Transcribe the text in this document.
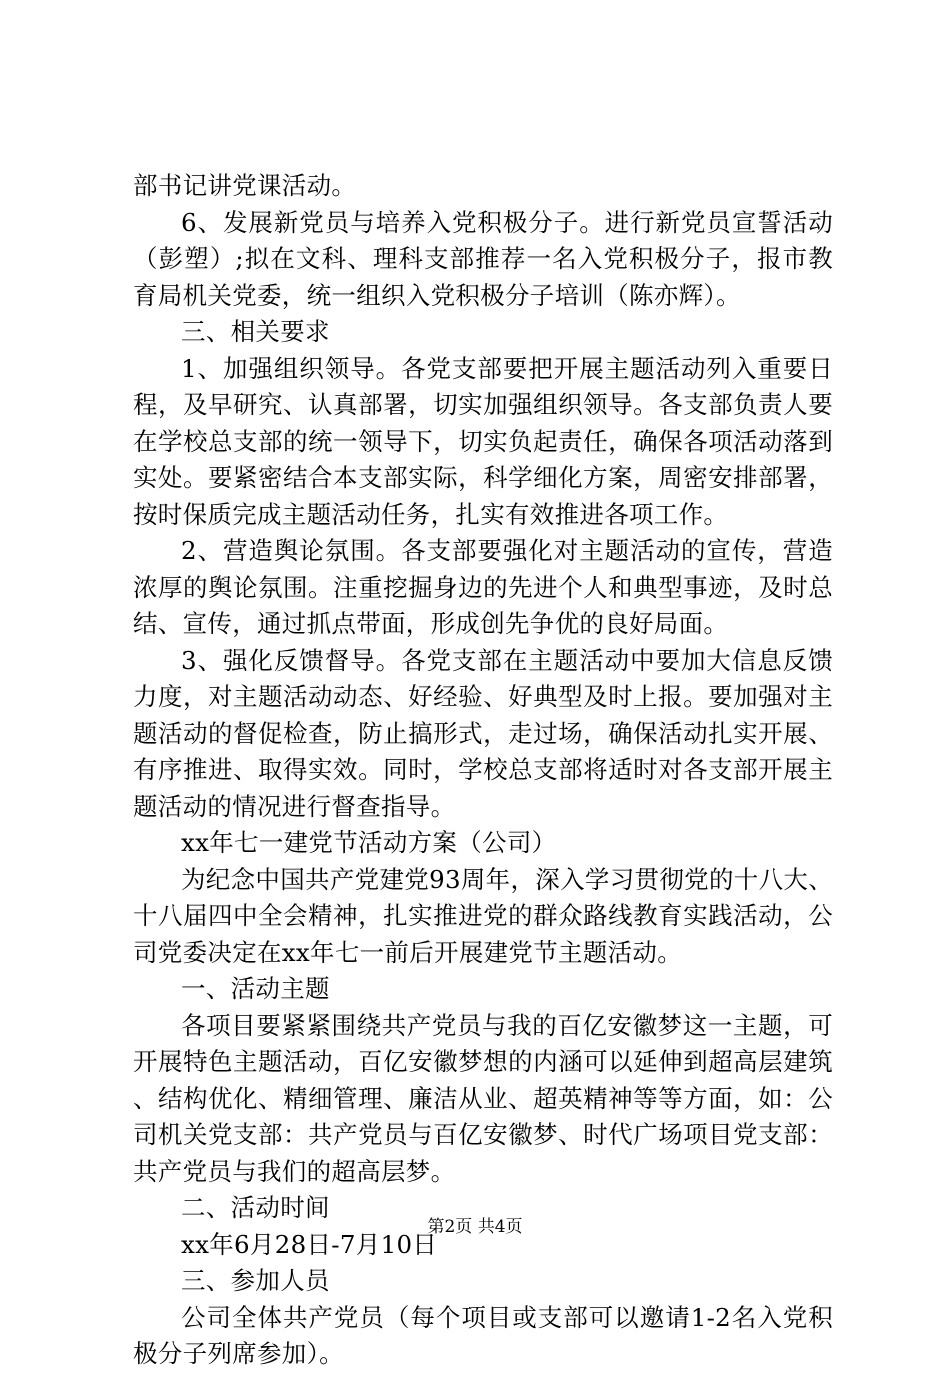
部书记讲党课活动。

6、发展新党员与培养入党积极分子。进行新党员宣誓活动（彭塑）;拟在文科、理科支部推荐一名入党积极分子，报市教育局机关党委，统一组织入党积极分子培训（陈亦辉）。

三、相关要求

1、加强组织领导。各党支部要把开展主题活动列入重要日程，及早研究、认真部署，切实加强组织领导。各支部负责人要在学校总支部的统一领导下，切实负起责任，确保各项活动落到实处。要紧密结合本支部实际，科学细化方案，周密安排部署，按时保质完成主题活动任务，扎实有效推进各项工作。

2、营造舆论氛围。各支部要强化对主题活动的宣传，营造浓厚的舆论氛围。注重挖掘身边的先进个人和典型事迹，及时总结、宣传，通过抓点带面，形成创先争优的良好局面。

3、强化反馈督导。各党支部在主题活动中要加大信息反馈力度，对主题活动动态、好经验、好典型及时上报。要加强对主题活动的督促检查，防止搞形式，走过场，确保活动扎实开展、有序推进、取得实效。同时，学校总支部将适时对各支部开展主题活动的情况进行督查指导。

xx年七一建党节活动方案（公司）

为纪念中国共产党建党93周年，深入学习贯彻党的十八大、十八届四中全会精神，扎实推进党的群众路线教育实践活动，公司党委决定在xx年七一前后开展建党节主题活动。

一、活动主题

各项目要紧紧围绕共产党员与我的百亿安徽梦这一主题，可开展特色主题活动，百亿安徽梦想的内涵可以延伸到超高层建筑、结构优化、精细管理、廉洁从业、超英精神等等方面，如：公司机关党支部：共产党员与百亿安徽梦、时代广场项目党支部：共产党员与我们的超高层梦。

二、活动时间

xx年6月28日-7月10日

三、参加人员

公司全体共产党员（每个项目或支部可以邀请1-2名入党积极分子列席参加）。

第2页 共4页
